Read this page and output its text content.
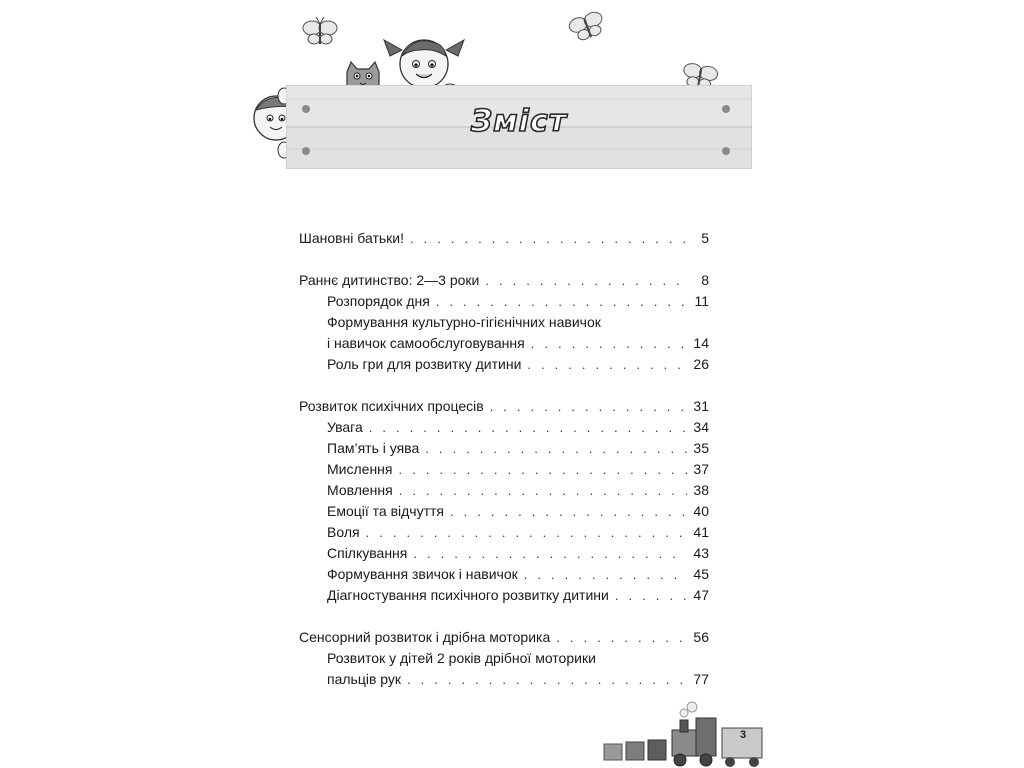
Зміст
Шановні батьки! . . .	5
Раннє дитинство: 2—3 роки . . .	8
Розпорядок дня . . .	11
Формування культурно-гігієнічних навичок
і навичок самообслуговування . . .	14
Роль гри для розвитку дитини . . .	26
Розвиток психічних процесів . . .	31
Увага . . .	34
Пам’ять і уява . . .	35
Мислення . . .	37
Мовлення . . .	38
Емоції та відчуття . . .	40
Воля . . .	41
Спілкування . . .	43
Формування звичок і навичок . . .	45
Діагностування психічного розвитку дитини . . .	47
Сенсорний розвиток і дрібна моторика . . .	56
Розвиток у дітей 2 років дрібної моторики
пальців рук . . .	77
3
